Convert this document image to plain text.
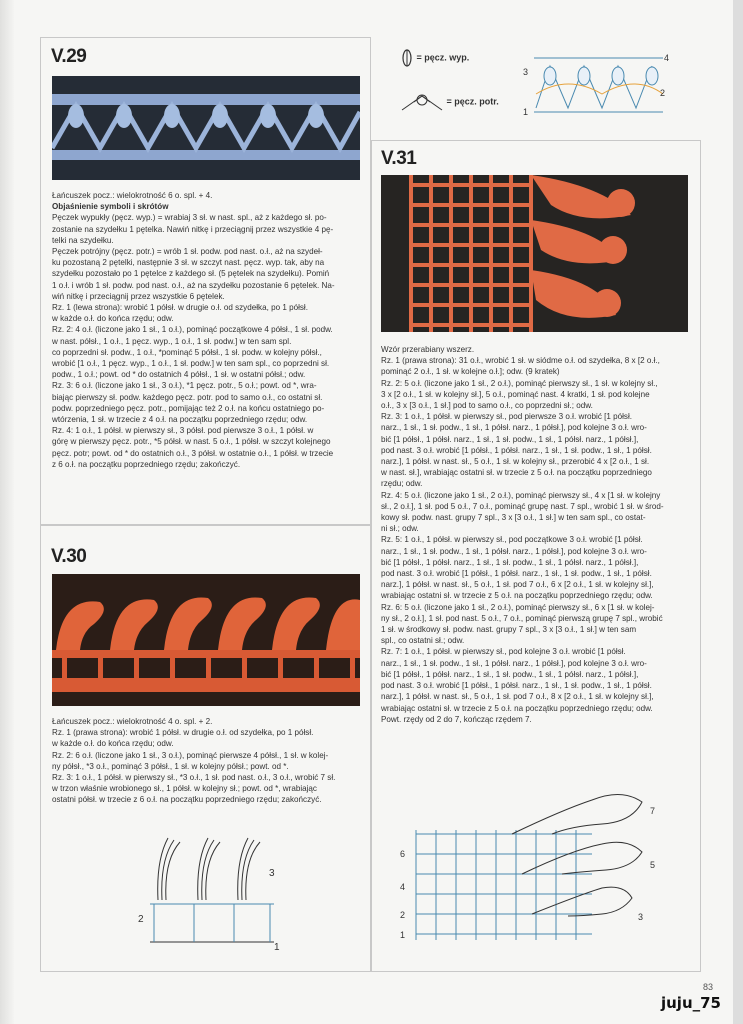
V.29

Łańcuszek pocz.: wielokrotność 6 o. spl. + 4.

Objaśnienie symboli i skrótów

Pęczek wypukły (pęcz. wyp.) = wrabiaj 3 sł. w nast. spl., aż z każdego sł. po-

zostanie na szydełku 1 pętelka. Nawiń nitkę i przeciągnij przez wszystkie 4 pę-

telki na szydełku.

Pęczek potrójny (pęcz. potr.) = wrób 1 sł. podw. pod nast. o.ł., aż na szydeł-

ku pozostaną 2 pętelki, następnie 3 sł. w szczyt nast. pęcz. wyp. tak, aby na

szydełku pozostało po 1 pętelce z każdego sł. (5 pętelek na szydełku). Pomiń

1 o.ł. i wrób 1 sł. podw. pod nast. o.ł., aż na szydełku pozostanie 6 pętelek. Na-

wiń nitkę i przeciągnij przez wszystkie 6 pętelek.

Rz. 1 (lewa strona): wrobić 1 półsł. w drugie o.ł. od szydełka, po 1 półsł.

w każde o.ł. do końca rzędu; odw.

Rz. 2: 4 o.ł. (liczone jako 1 sł., 1 o.ł.), pominąć początkowe 4 półsł., 1 sł. podw.

w nast. półsł., 1 o.ł., 1 pęcz. wyp., 1 o.ł., 1 sł. podw.] w ten sam spl.

co poprzedni sł. podw., 1 o.ł., *pominąć 5 półsł., 1 sł. podw. w kolejny półsł.,

wrobić [1 o.ł., 1 pęcz. wyp., 1 o.ł., 1 sł. podw.] w ten sam spl., co poprzedni sł.

podw., 1 o.ł.; powt. od * do ostatnich 4 półsł., 1 sł. w ostatni półsł.; odw.

Rz. 3: 6 o.ł. (liczone jako 1 sł., 3 o.ł.), *1 pęcz. potr., 5 o.ł.; powt. od *, wra-

biając pierwszy sł. podw. każdego pęcz. potr. pod to samo o.ł., co ostatni sł.

podw. poprzedniego pęcz. potr., pomijając też 2 o.ł. na końcu ostatniego po-

wtórzenia, 1 sł. w trzecie z 4 o.ł. na początku poprzedniego rzędu; odw.

Rz. 4: 1 o.ł., 1 półsł. w pierwszy sł., 3 półsł. pod pierwsze 3 o.ł., 1 półsł. w

górę w pierwszy pęcz. potr., *5 półsł. w nast. 5 o.ł., 1 półsł. w szczyt kolejnego

pęcz. potr; powt. od * do ostatnich o.ł., 3 półsł. w ostatnie o.ł., 1 półsł. w trzecie

z 6 o.ł. na początku poprzedniego rzędu; zakończyć.

= pęcz. wyp.
= pęcz. potr.
3
2
1
4
V.30

Łańcuszek pocz.: wielokrotność 4 o. spl. + 2.

Rz. 1 (prawa strona): wrobić 1 półsł. w drugie o.ł. od szydełka, po 1 półsł.

w każde o.ł. do końca rzędu; odw.

Rz. 2: 6 o.ł. (liczone jako 1 sł., 3 o.ł.), pominąć pierwsze 4 półsł., 1 sł. w kolej-

ny półsł., *3 o.ł., pominąć 3 półsł., 1 sł. w kolejny półsł.; powt. od *.

Rz. 3: 1 o.ł., 1 półsł. w pierwszy sł., *3 o.ł., 1 sł. pod nast. o.ł., 3 o.ł., wrobić 7 sł.

w trzon właśnie wrobionego sł., 1 półsł. w kolejny sł.; powt. od *, wrabiając

ostatni półsł. w trzecie z 6 o.ł. na początku poprzedniego rzędu; zakończyć.

3
2
1
V.31

Wzór przerabiany wszerz.

Rz. 1 (prawa strona): 31 o.ł., wrobić 1 sł. w siódme o.ł. od szydełka, 8 x [2 o.ł.,

pominąć 2 o.ł., 1 sł. w kolejne o.ł.]; odw. (9 kratek)

Rz. 2: 5 o.ł. (liczone jako 1 sł., 2 o.ł.), pominąć pierwszy sł., 1 sł. w kolejny sł.,

3 x [2 o.ł., 1 sł. w kolejny sł.], 5 o.ł., pominąć nast. 4 kratki, 1 sł. pod kolejne

o.ł., 3 x [3 o.ł., 1 sł.] pod to samo o.ł., co poprzedni sł.; odw.

Rz. 3: 1 o.ł., 1 półsł. w pierwszy sł., pod pierwsze 3 o.ł. wrobić [1 półsł.

narz., 1 sł., 1 sł. podw., 1 sł., 1 półsł. narz., 1 półsł.], pod kolejne 3 o.ł. wro-

bić [1 półsł., 1 półsł. narz., 1 sł., 1 sł. podw., 1 sł., 1 półsł. narz., 1 półsł.],

pod nast. 3 o.ł. wrobić [1 półsł., 1 półsł. narz., 1 sł., 1 sł. podw., 1 sł., 1 półsł.

narz.], 1 półsł. w nast. sł., 5 o.ł., 1 sł. w kolejny sł., przerobić 4 x [2 o.ł., 1 sł.

w nast. sł.], wrabiając ostatni sł. w trzecie z 5 o.ł. na początku poprzedniego

rzędu; odw.

Rz. 4: 5 o.ł. (liczone jako 1 sł., 2 o.ł.), pominąć pierwszy sł., 4 x [1 sł. w kolejny

sł., 2 o.ł.], 1 sł. pod 5 o.ł., 7 o.ł., pominąć grupę nast. 7 spl., wrobić 1 sł. w środ-

kowy sł. podw. nast. grupy 7 spl., 3 x [3 o.ł., 1 sł.] w ten sam spl., co ostat-

ni sł.; odw.

Rz. 5: 1 o.ł., 1 półsł. w pierwszy sł., pod początkowe 3 o.ł. wrobić [1 półsł.

narz., 1 sł., 1 sł. podw., 1 sł., 1 półsł. narz., 1 półsł.], pod kolejne 3 o.ł. wro-

bić [1 półsł., 1 półsł. narz., 1 sł., 1 sł. podw., 1 sł., 1 półsł. narz., 1 półsł.],

pod nast. 3 o.ł. wrobić [1 półsł., 1 półsł. narz., 1 sł., 1 sł. podw., 1 sł., 1 półsł.

narz.], 1 półsł. w nast. sł., 5 o.ł., 1 sł. pod 7 o.ł., 6 x [2 o.ł., 1 sł. w kolejny sł.],

wrabiając ostatni sł. w trzecie z 5 o.ł. na początku poprzedniego rzędu; odw.

Rz. 6: 5 o.ł. (liczone jako 1 sł., 2 o.ł.), pominąć pierwszy sł., 6 x [1 sł. w kolej-

ny sł., 2 o.ł.], 1 sł. pod nast. 5 o.ł., 7 o.ł., pominąć pierwszą grupę 7 spl., wrobić

1 sł. w środkowy sł. podw. nast. grupy 7 spl., 3 x [3 o.ł., 1 sł.] w ten sam

spl., co ostatni sł.; odw.

Rz. 7: 1 o.ł., 1 półsł. w pierwszy sł., pod kolejne 3 o.ł. wrobić [1 półsł.

narz., 1 sł., 1 sł. podw., 1 sł., 1 półsł. narz., 1 półsł.], pod kolejne 3 o.ł. wro-

bić [1 półsł., 1 półsł. narz., 1 sł., 1 sł. podw., 1 sł., 1 półsł. narz., 1 półsł.],

pod nast. 3 o.ł. wrobić [1 półsł., 1 półsł. narz., 1 sł., 1 sł. podw., 1 sł., 1 półsł.

narz.], 1 półsł. w nast. sł., 5 o.ł., 1 sł. pod 7 o.ł., 8 x [2 o.ł., 1 sł. w kolejny sł.],

wrabiając ostatni sł. w trzecie z 5 o.ł. na początku poprzedniego rzędu; odw.

Powt. rzędy od 2 do 7, kończąc rzędem 7.

7
6
5
4
3
2
1
83
juju_75
